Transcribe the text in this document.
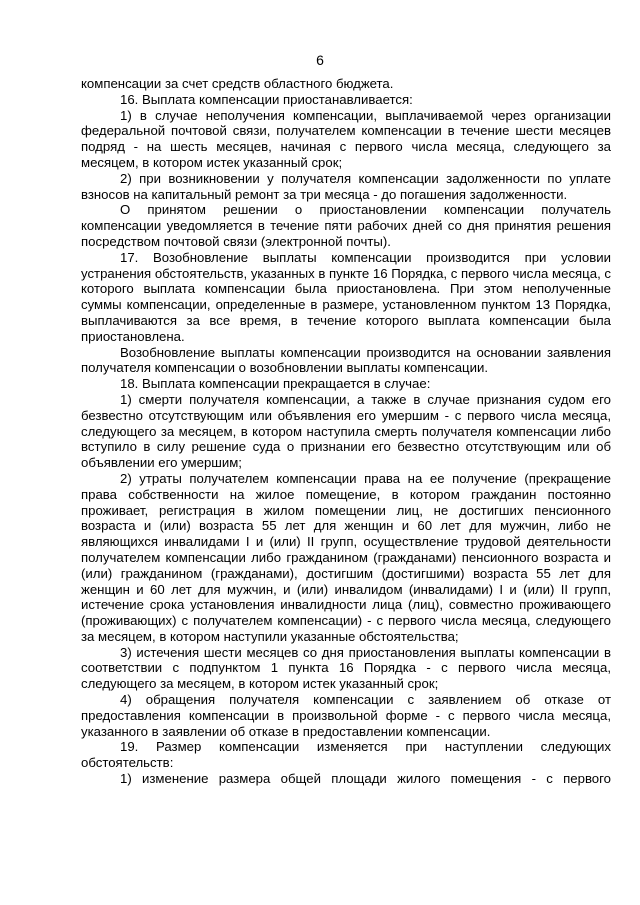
6

компенсации за счет средств областного бюджета.

16. Выплата компенсации приостанавливается:

1) в случае неполучения компенсации, выплачиваемой через организации федеральной почтовой связи, получателем компенсации в течение шести месяцев подряд - на шесть месяцев, начиная с первого числа месяца, следующего за месяцем, в котором истек указанный срок;

2) при возникновении у получателя компенсации задолженности по уплате взносов на капитальный ремонт за три месяца - до погашения задолженности.

О принятом решении о приостановлении компенсации получатель компенсации уведомляется в течение пяти рабочих дней со дня принятия решения посредством почтовой связи (электронной почты).

17. Возобновление выплаты компенсации производится при условии устранения обстоятельств, указанных в пункте 16 Порядка, с первого числа месяца, с которого выплата компенсации была приостановлена. При этом неполученные суммы компенсации, определенные в размере, установленном пунктом 13 Порядка, выплачиваются за все время, в течение которого выплата компенсации была приостановлена.

Возобновление выплаты компенсации производится на основании заявления получателя компенсации о возобновлении выплаты компенсации.

18. Выплата компенсации прекращается в случае:

1) смерти получателя компенсации, а также в случае признания судом его безвестно отсутствующим или объявления его умершим - с первого числа месяца, следующего за месяцем, в котором наступила смерть получателя компенсации либо вступило в силу решение суда о признании его безвестно отсутствующим или об объявлении его умершим;

2) утраты получателем компенсации права на ее получение (прекращение права собственности на жилое помещение, в котором гражданин постоянно проживает, регистрация в жилом помещении лиц, не достигших пенсионного возраста и (или) возраста 55 лет для женщин и 60 лет для мужчин, либо не являющихся инвалидами I и (или) II групп, осуществление трудовой деятельности получателем компенсации либо гражданином (гражданами) пенсионного возраста и (или) гражданином (гражданами), достигшим (достигшими) возраста 55 лет для женщин и 60 лет для мужчин, и (или) инвалидом (инвалидами) I и (или) II групп, истечение срока установления инвалидности лица (лиц), совместно проживающего (проживающих) с получателем компенсации) - с первого числа месяца, следующего за месяцем, в котором наступили указанные обстоятельства;

3) истечения шести месяцев со дня приостановления выплаты компенсации в соответствии с подпунктом 1 пункта 16 Порядка - с первого числа месяца, следующего за месяцем, в котором истек указанный срок;

4) обращения получателя компенсации с заявлением об отказе от предоставления компенсации в произвольной форме - с первого числа месяца, указанного в заявлении об отказе в предоставлении компенсации.

19. Размер компенсации изменяется при наступлении следующих обстоятельств:

1) изменение размера общей площади жилого помещения - с первого
